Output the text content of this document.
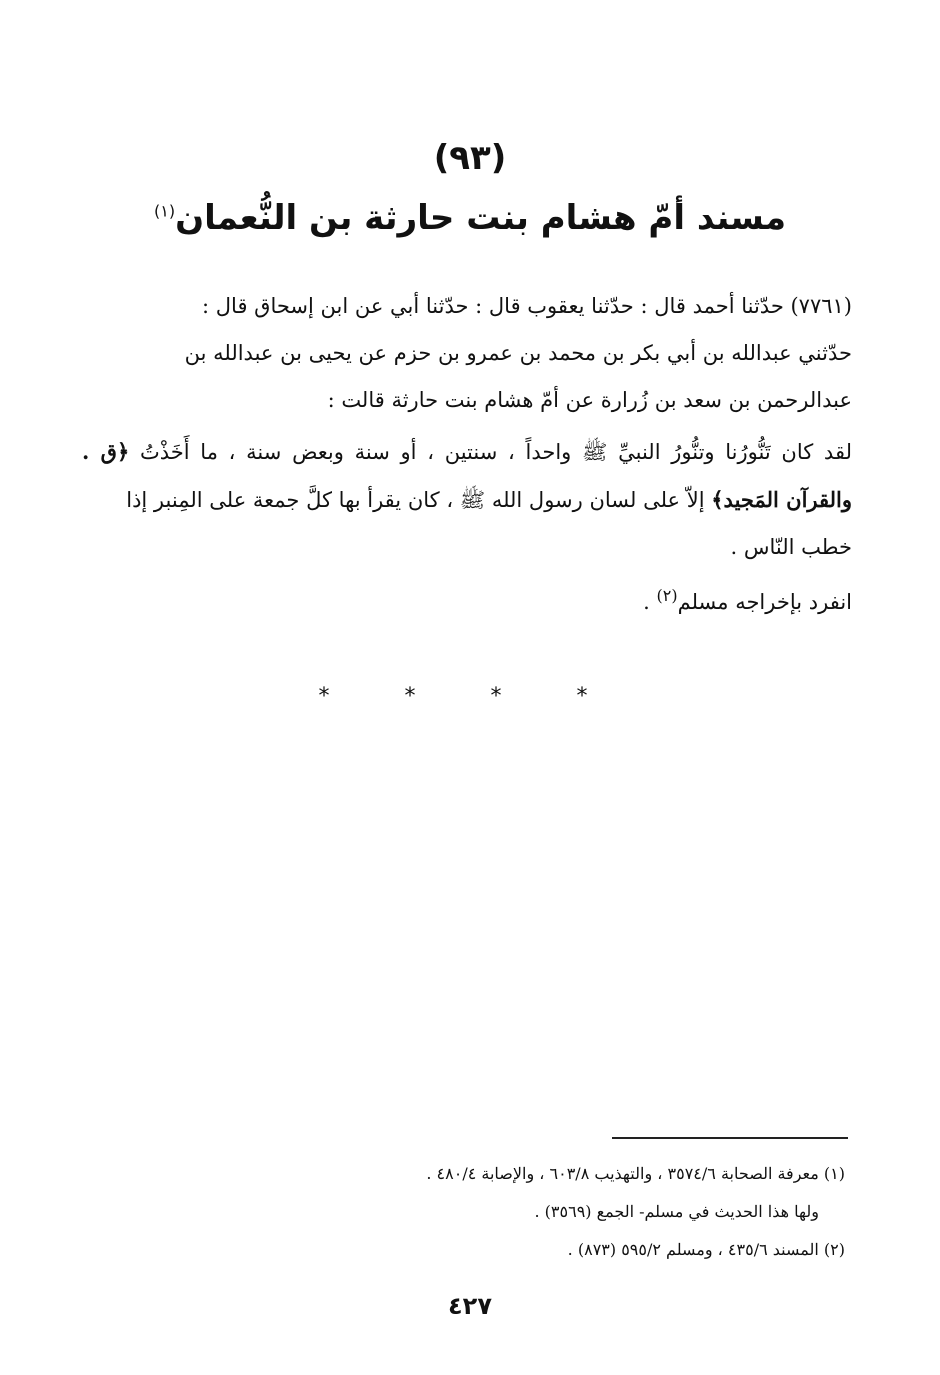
(٩٣)
مسند أمّ هشام بنت حارثة بن النُّعمان$^{(١)}$
(٧٧٦١) حدّثنا أحمد قال : حدّثنا يعقوب قال : حدّثنا أبي عن ابن إسحاق قال :
حدّثني عبدالله بن أبي بكر بن محمد بن عمرو بن حزم عن يحيى بن عبدالله بن
عبدالرحمن بن سعد بن زُرارة عن أمّ هشام بنت حارثة قالت :
لقد كان تَنُّورُنا وتنُّورُ النبيِّ ﷺ واحداً ، سنتين ، أو سنة وبعض سنة ، ما أَخَذْتُ ﴿ق . والقرآن المَجيد﴾ إلاّ على لسان رسول الله ﷺ ، كان يقرأ بها كلَّ جمعة على المِنبر إذا
خطب النّاس .
انفرد بإخراجه مسلم$^{(٢)}$ .
* * * *
(١) معرفة الصحابة ٣٥٧٤/٦ ، والتهذيب ٦٠٣/٨ ، والإصابة ٤٨٠/٤ .
ولها هذا الحديث في مسلم- الجمع (٣٥٦٩) .
(٢) المسند ٤٣٥/٦ ، ومسلم ٥٩٥/٢ (٨٧٣) .
٤٢٧
